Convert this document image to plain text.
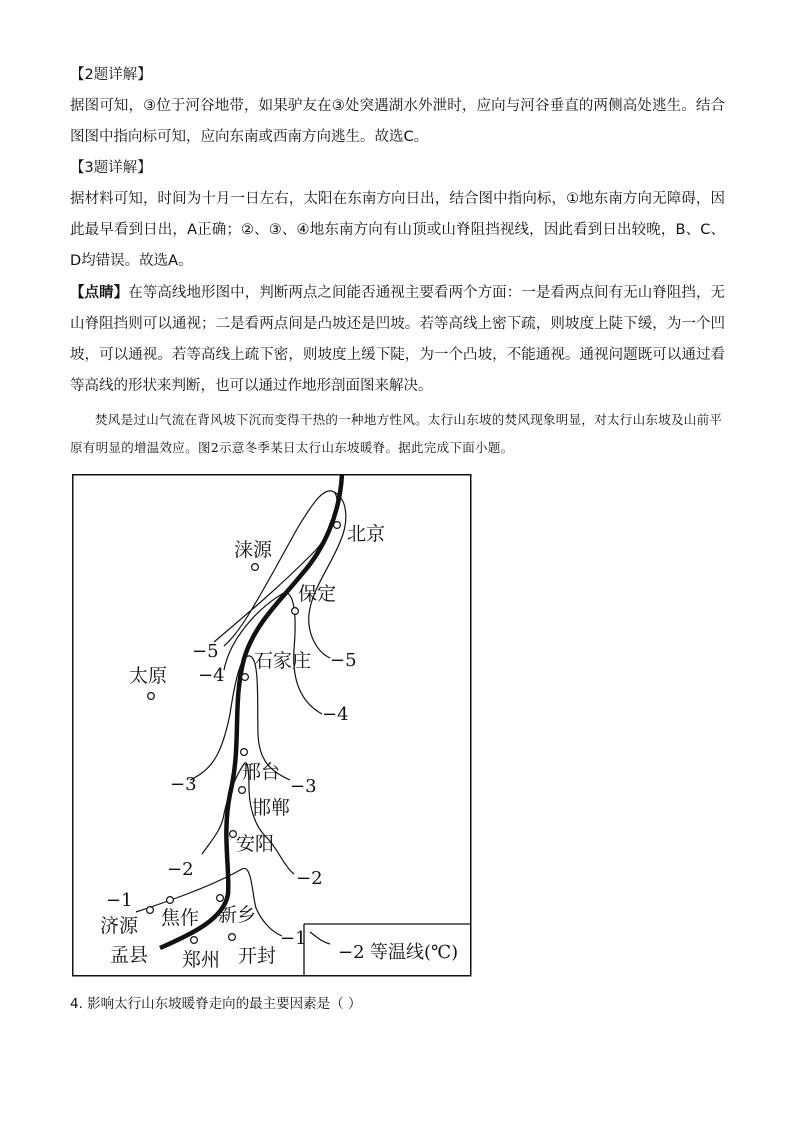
【2题详解】

据图可知，③位于河谷地带，如果驴友在③处突遇湖水外泄时，应向与河谷垂直的两侧高处逃生。结合图图中指向标可知，应向东南或西南方向逃生。故选C。

【3题详解】

据材料可知，时间为十月一日左右，太阳在东南方向日出，结合图中指向标，①地东南方向无障碍，因此最早看到日出，A正确；②、③、④地东南方向有山顶或山脊阻挡视线，因此看到日出较晚，B、C、D均错误。故选A。

【点睛】在等高线地形图中，判断两点之间能否通视主要看两个方面：一是看两点间有无山脊阻挡，无山脊阻挡则可以通视；二是看两点间是凸坡还是凹坡。若等高线上密下疏，则坡度上陡下缓，为一个凹坡，可以通视。若等高线上疏下密，则坡度上缓下陡，为一个凸坡，不能通视。通视问题既可以通过看等高线的形状来判断，也可以通过作地形剖面图来解决。

焚风是过山气流在背风坡下沉而变得干热的一种地方性风。太行山东坡的焚风现象明显，对太行山东坡及山前平原有明显的增温效应。图2示意冬季某日太行山东坡暖脊。据此完成下面小题。

北京
涞源
保定
太原
石家庄
邢台
邯郸
安阳
济源 焦作 新乡
孟县 郑州 开封
−5	−5
−4
−4
−3	−3
−2	−2
−1
−1
−2 等温线(℃)

4. 影响太行山东坡暖脊走向的最主要因素是（ ）
